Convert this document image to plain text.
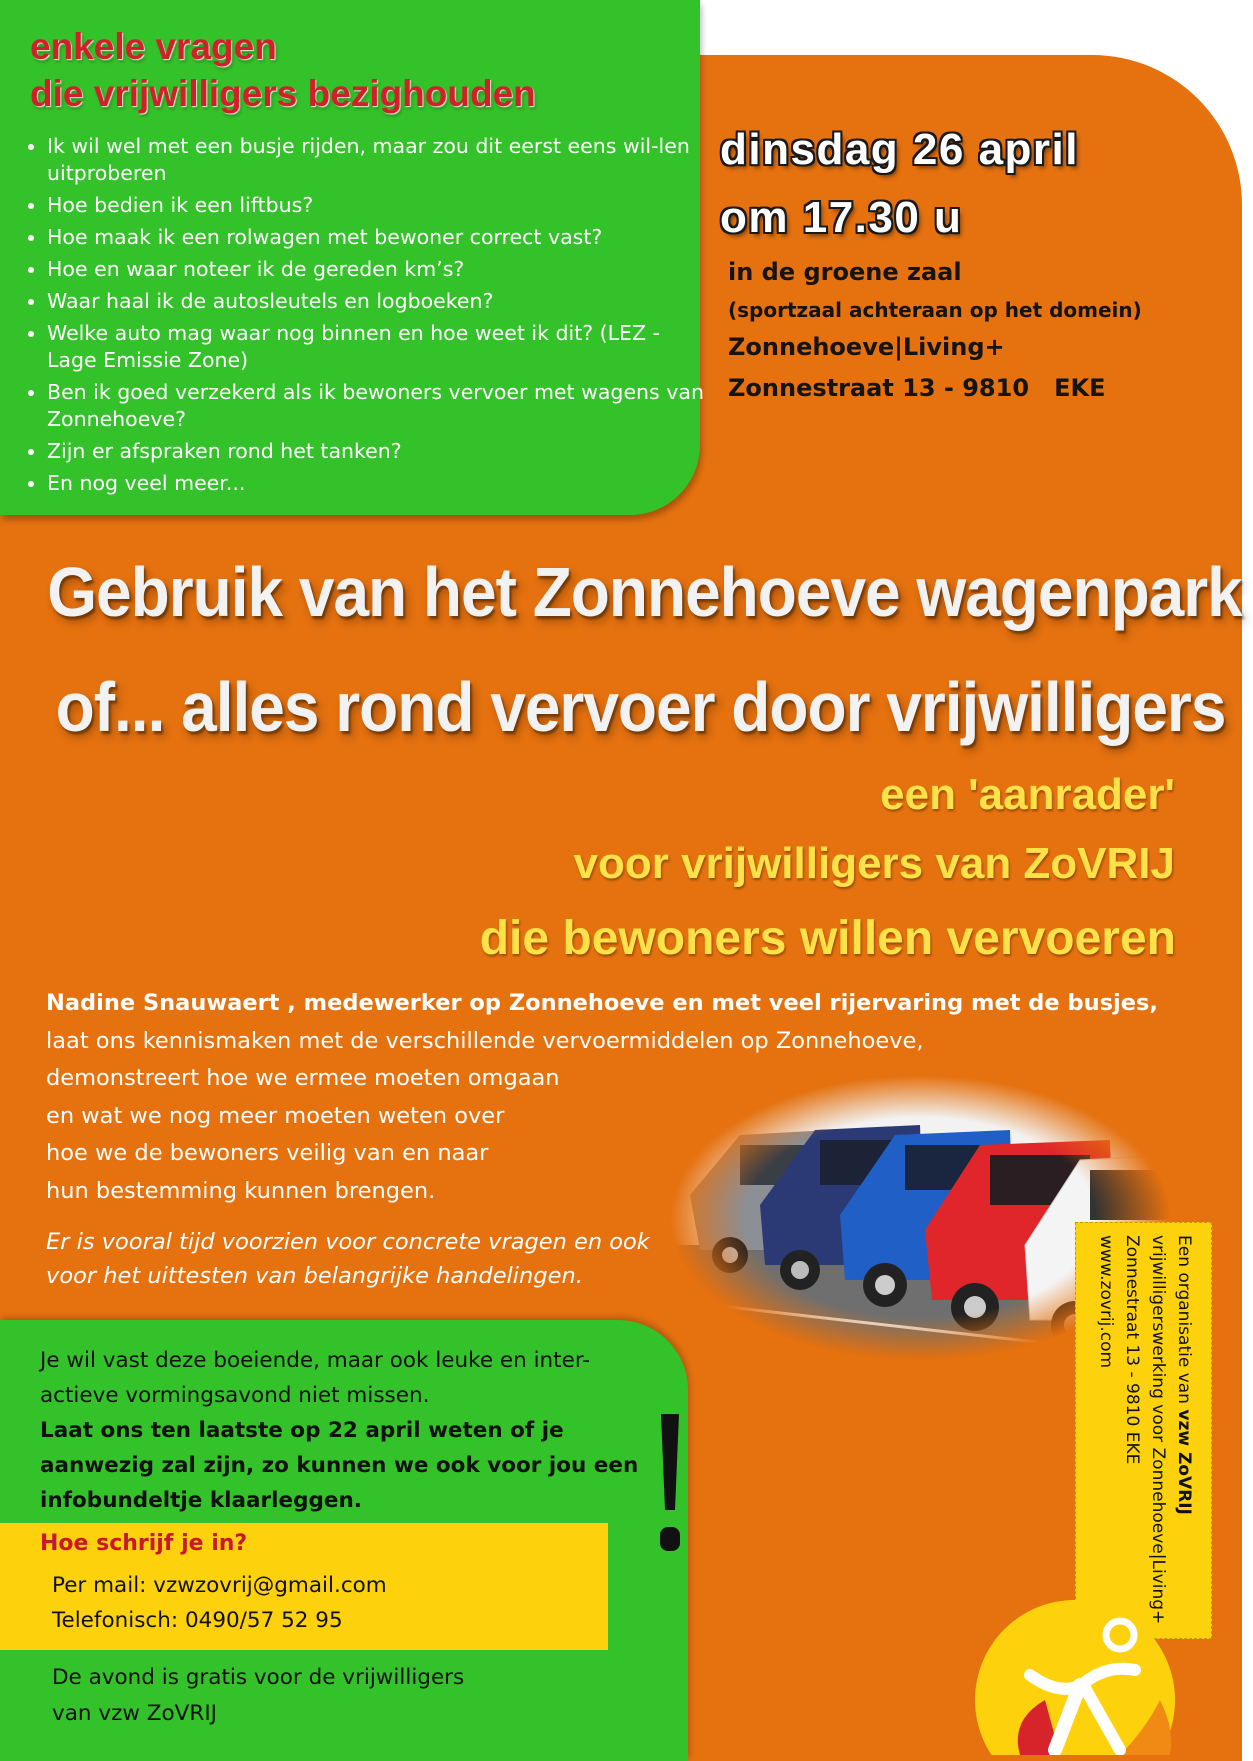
enkele vragen
die vrijwilligers bezighouden
• Ik wil wel met een busje rijden, maar zou dit eerst eens wil-len uitproberen
• Hoe bedien ik een liftbus?
• Hoe maak ik een rolwagen met bewoner correct vast?
• Hoe en waar noteer ik de gereden km’s?
• Waar haal ik de autosleutels en logboeken?
• Welke auto mag waar nog binnen en hoe weet ik dit? (LEZ - Lage Emissie Zone)
• Ben ik goed verzekerd als ik bewoners vervoer met wagens van Zonnehoeve?
• Zijn er afspraken rond het tanken?
• En nog veel meer...
dinsdag 26 april
om 17.30 u
in de groene zaal
(sportzaal achteraan op het domein)
Zonnehoeve|Living+
Zonnestraat 13 - 9810   EKE
Gebruik van het Zonnehoeve wagenpark
of... alles rond vervoer door vrijwilligers
een 'aanrader'
voor vrijwilligers van ZoVRIJ
die bewoners willen vervoeren
Nadine Snauwaert , medewerker op Zonnehoeve en met veel rijervaring met de busjes,
laat ons kennismaken met de verschillende vervoermiddelen op Zonnehoeve,
demonstreert hoe we ermee moeten omgaan
en wat we nog meer moeten weten over
hoe we de bewoners veilig van en naar
hun bestemming kunnen brengen.
Er is vooral tijd voorzien voor concrete vragen en ook
voor het uittesten van belangrijke handelingen.
Je wil vast deze boeiende, maar ook leuke en inter-
actieve vormingsavond niet missen.
Laat ons ten laatste op 22 april weten of je
aanwezig zal zijn, zo kunnen we ook voor jou een
infobundeltje klaarleggen.
Hoe schrijf je in?
Per mail: vzwzovrij@gmail.com
Telefonisch: 0490/57 52 95
De avond is gratis voor de vrijwilligers
van vzw ZoVRIJ
Een organisatie van vzw ZoVRIJ
vrijwilligerswerking voor Zonnehoeve|Living+
Zonnestraat 13 - 9810 EKE
www.zovrij.com
